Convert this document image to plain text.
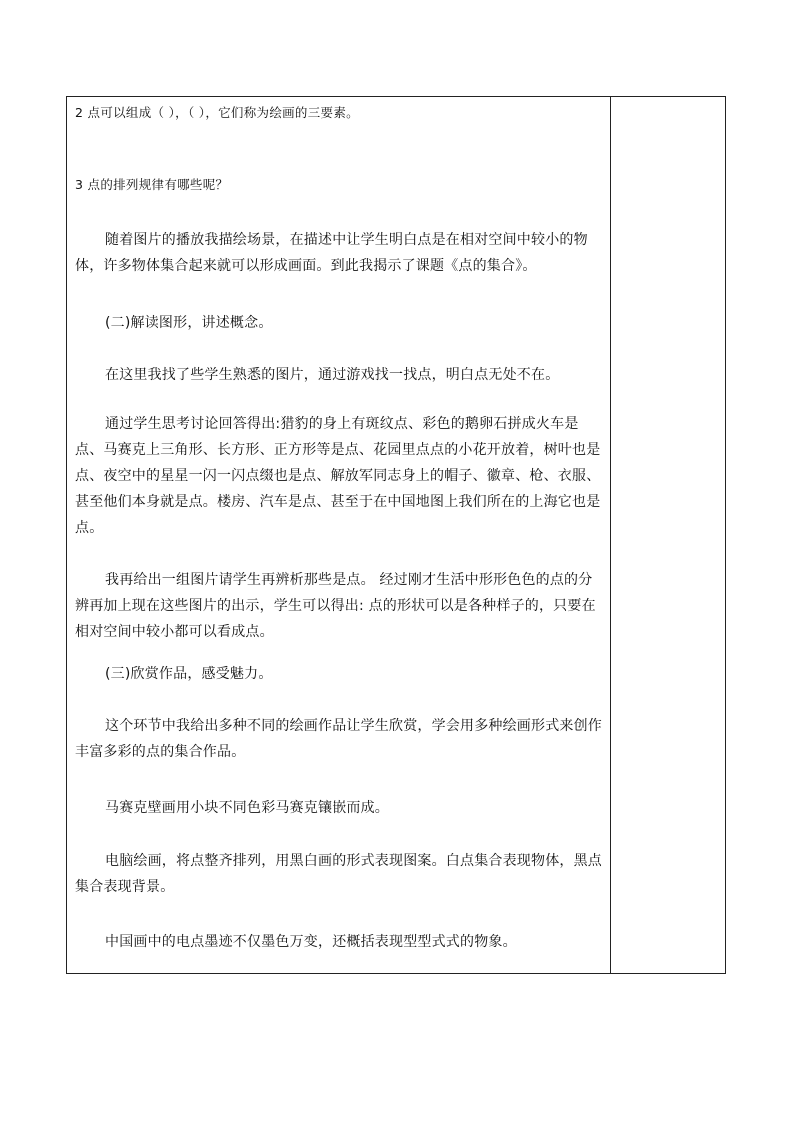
2 点可以组成（ ），（ ），它们称为绘画的三要素。
3 点的排列规律有哪些呢？
随着图片的播放我描绘场景，在描述中让学生明白点是在相对空间中较小的物体，许多物体集合起来就可以形成画面。到此我揭示了课题《点的集合》。
(二)解读图形，讲述概念。
在这里我找了些学生熟悉的图片，通过游戏找一找点，明白点无处不在。
通过学生思考讨论回答得出:猎豹的身上有斑纹点、彩色的鹅卵石拼成火车是点、马赛克上三角形、长方形、正方形等是点、花园里点点的小花开放着，树叶也是点、夜空中的星星一闪一闪点缀也是点、解放军同志身上的帽子、徽章、枪、衣服、甚至他们本身就是点。楼房、汽车是点、甚至于在中国地图上我们所在的上海它也是点。
我再给出一组图片请学生再辨析那些是点。 经过刚才生活中形形色色的点的分辨再加上现在这些图片的出示，学生可以得出: 点的形状可以是各种样子的，只要在相对空间中较小都可以看成点。
(三)欣赏作品，感受魅力。
这个环节中我给出多种不同的绘画作品让学生欣赏，学会用多种绘画形式来创作丰富多彩的点的集合作品。
马赛克壁画用小块不同色彩马赛克镶嵌而成。
电脑绘画，将点整齐排列，用黑白画的形式表现图案。白点集合表现物体，黑点集合表现背景。
中国画中的电点墨迹不仅墨色万变，还概括表现型型式式的物象。
